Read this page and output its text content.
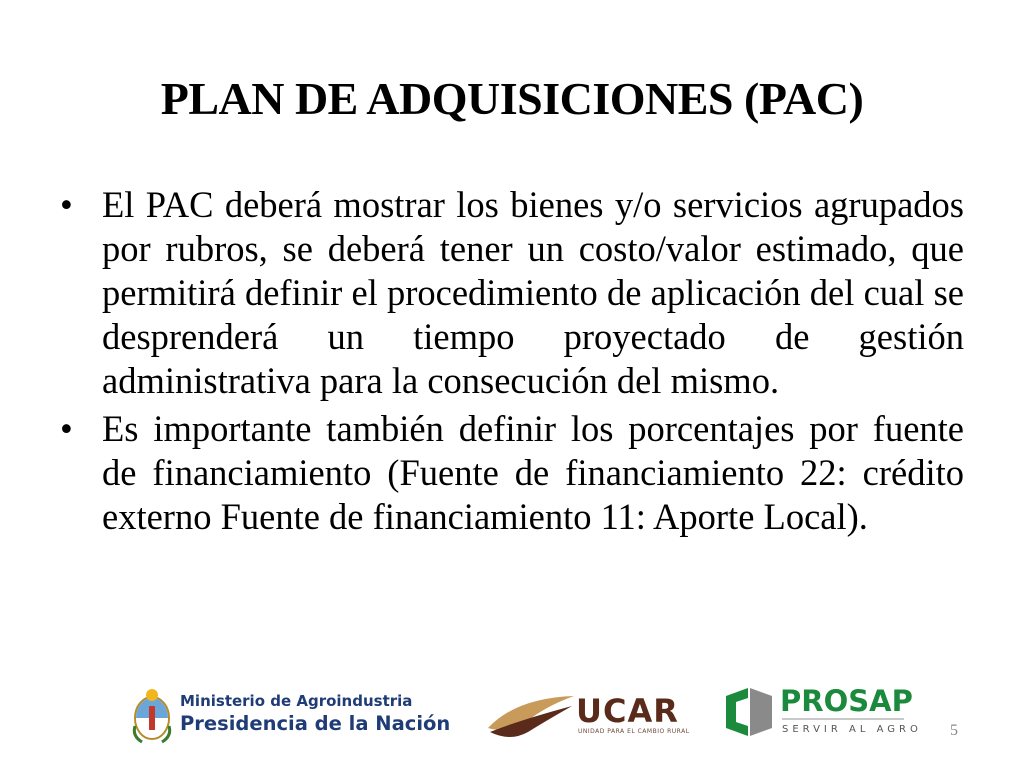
PLAN DE ADQUISICIONES (PAC)
• El PAC deberá mostrar los bienes y/o servicios agrupados por rubros, se deberá tener un costo/valor estimado, que permitirá definir el procedimiento de aplicación del cual se desprenderá un tiempo proyectado de gestión administrativa para la consecución del mismo.
• Es importante también definir los porcentajes por fuente de financiamiento (Fuente de financiamiento 22: crédito externo Fuente de financiamiento 11: Aporte Local).
Ministerio de Agroindustria
Presidencia de la Nación	UCAR
UNIDAD PARA EL CAMBIO RURAL
PROSAP
SERVIR AL AGRO 5
